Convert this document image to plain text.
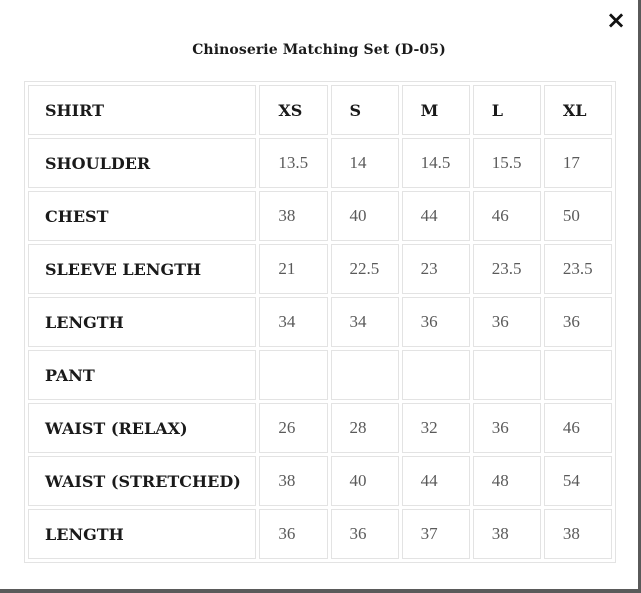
×
Chinoserie Matching Set (D-05)
SHIRT	XS	S	M	L	XL
SHOULDER	13.5	14	14.5	15.5	17
CHEST	38	40	44	46	50
SLEEVE LENGTH	21	22.5	23	23.5	23.5
LENGTH	34	34	36	36	36
PANT					
WAIST (RELAX)	26	28	32	36	46
WAIST (STRETCHED)	38	40	44	48	54
LENGTH	36	36	37	38	38
